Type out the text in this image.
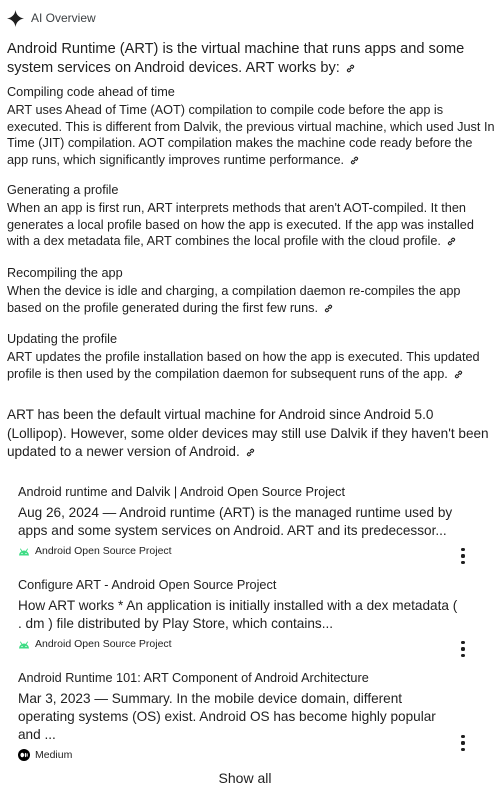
AI Overview
Android Runtime (ART) is the virtual machine that runs apps and some system services on Android devices. ART works by:
Compiling code ahead of time
ART uses Ahead of Time (AOT) compilation to compile code before the app is executed. This is different from Dalvik, the previous virtual machine, which used Just In Time (JIT) compilation. AOT compilation makes the machine code ready before the app runs, which significantly improves runtime performance.
Generating a profile
When an app is first run, ART interprets methods that aren't AOT-compiled. It then generates a local profile based on how the app is executed. If the app was installed with a dex metadata file, ART combines the local profile with the cloud profile.
Recompiling the app
When the device is idle and charging, a compilation daemon re-compiles the app based on the profile generated during the first few runs.
Updating the profile
ART updates the profile installation based on how the app is executed. This updated profile is then used by the compilation daemon for subsequent runs of the app.
ART has been the default virtual machine for Android since Android 5.0 (Lollipop). However, some older devices may still use Dalvik if they haven't been updated to a newer version of Android.
Android runtime and Dalvik | Android Open Source Project
Aug 26, 2024 — Android runtime (ART) is the managed runtime used by apps and some system services on Android. ART and its predecessor...
Android Open Source Project
Configure ART - Android Open Source Project
How ART works * An application is initially installed with a dex metadata ( . dm ) file distributed by Play Store, which contains...
Android Open Source Project
Android Runtime 101: ART Component of Android Architecture
Mar 3, 2023 — Summary. In the mobile device domain, different operating systems (OS) exist. Android OS has become highly popular and ...
Medium
Show all
